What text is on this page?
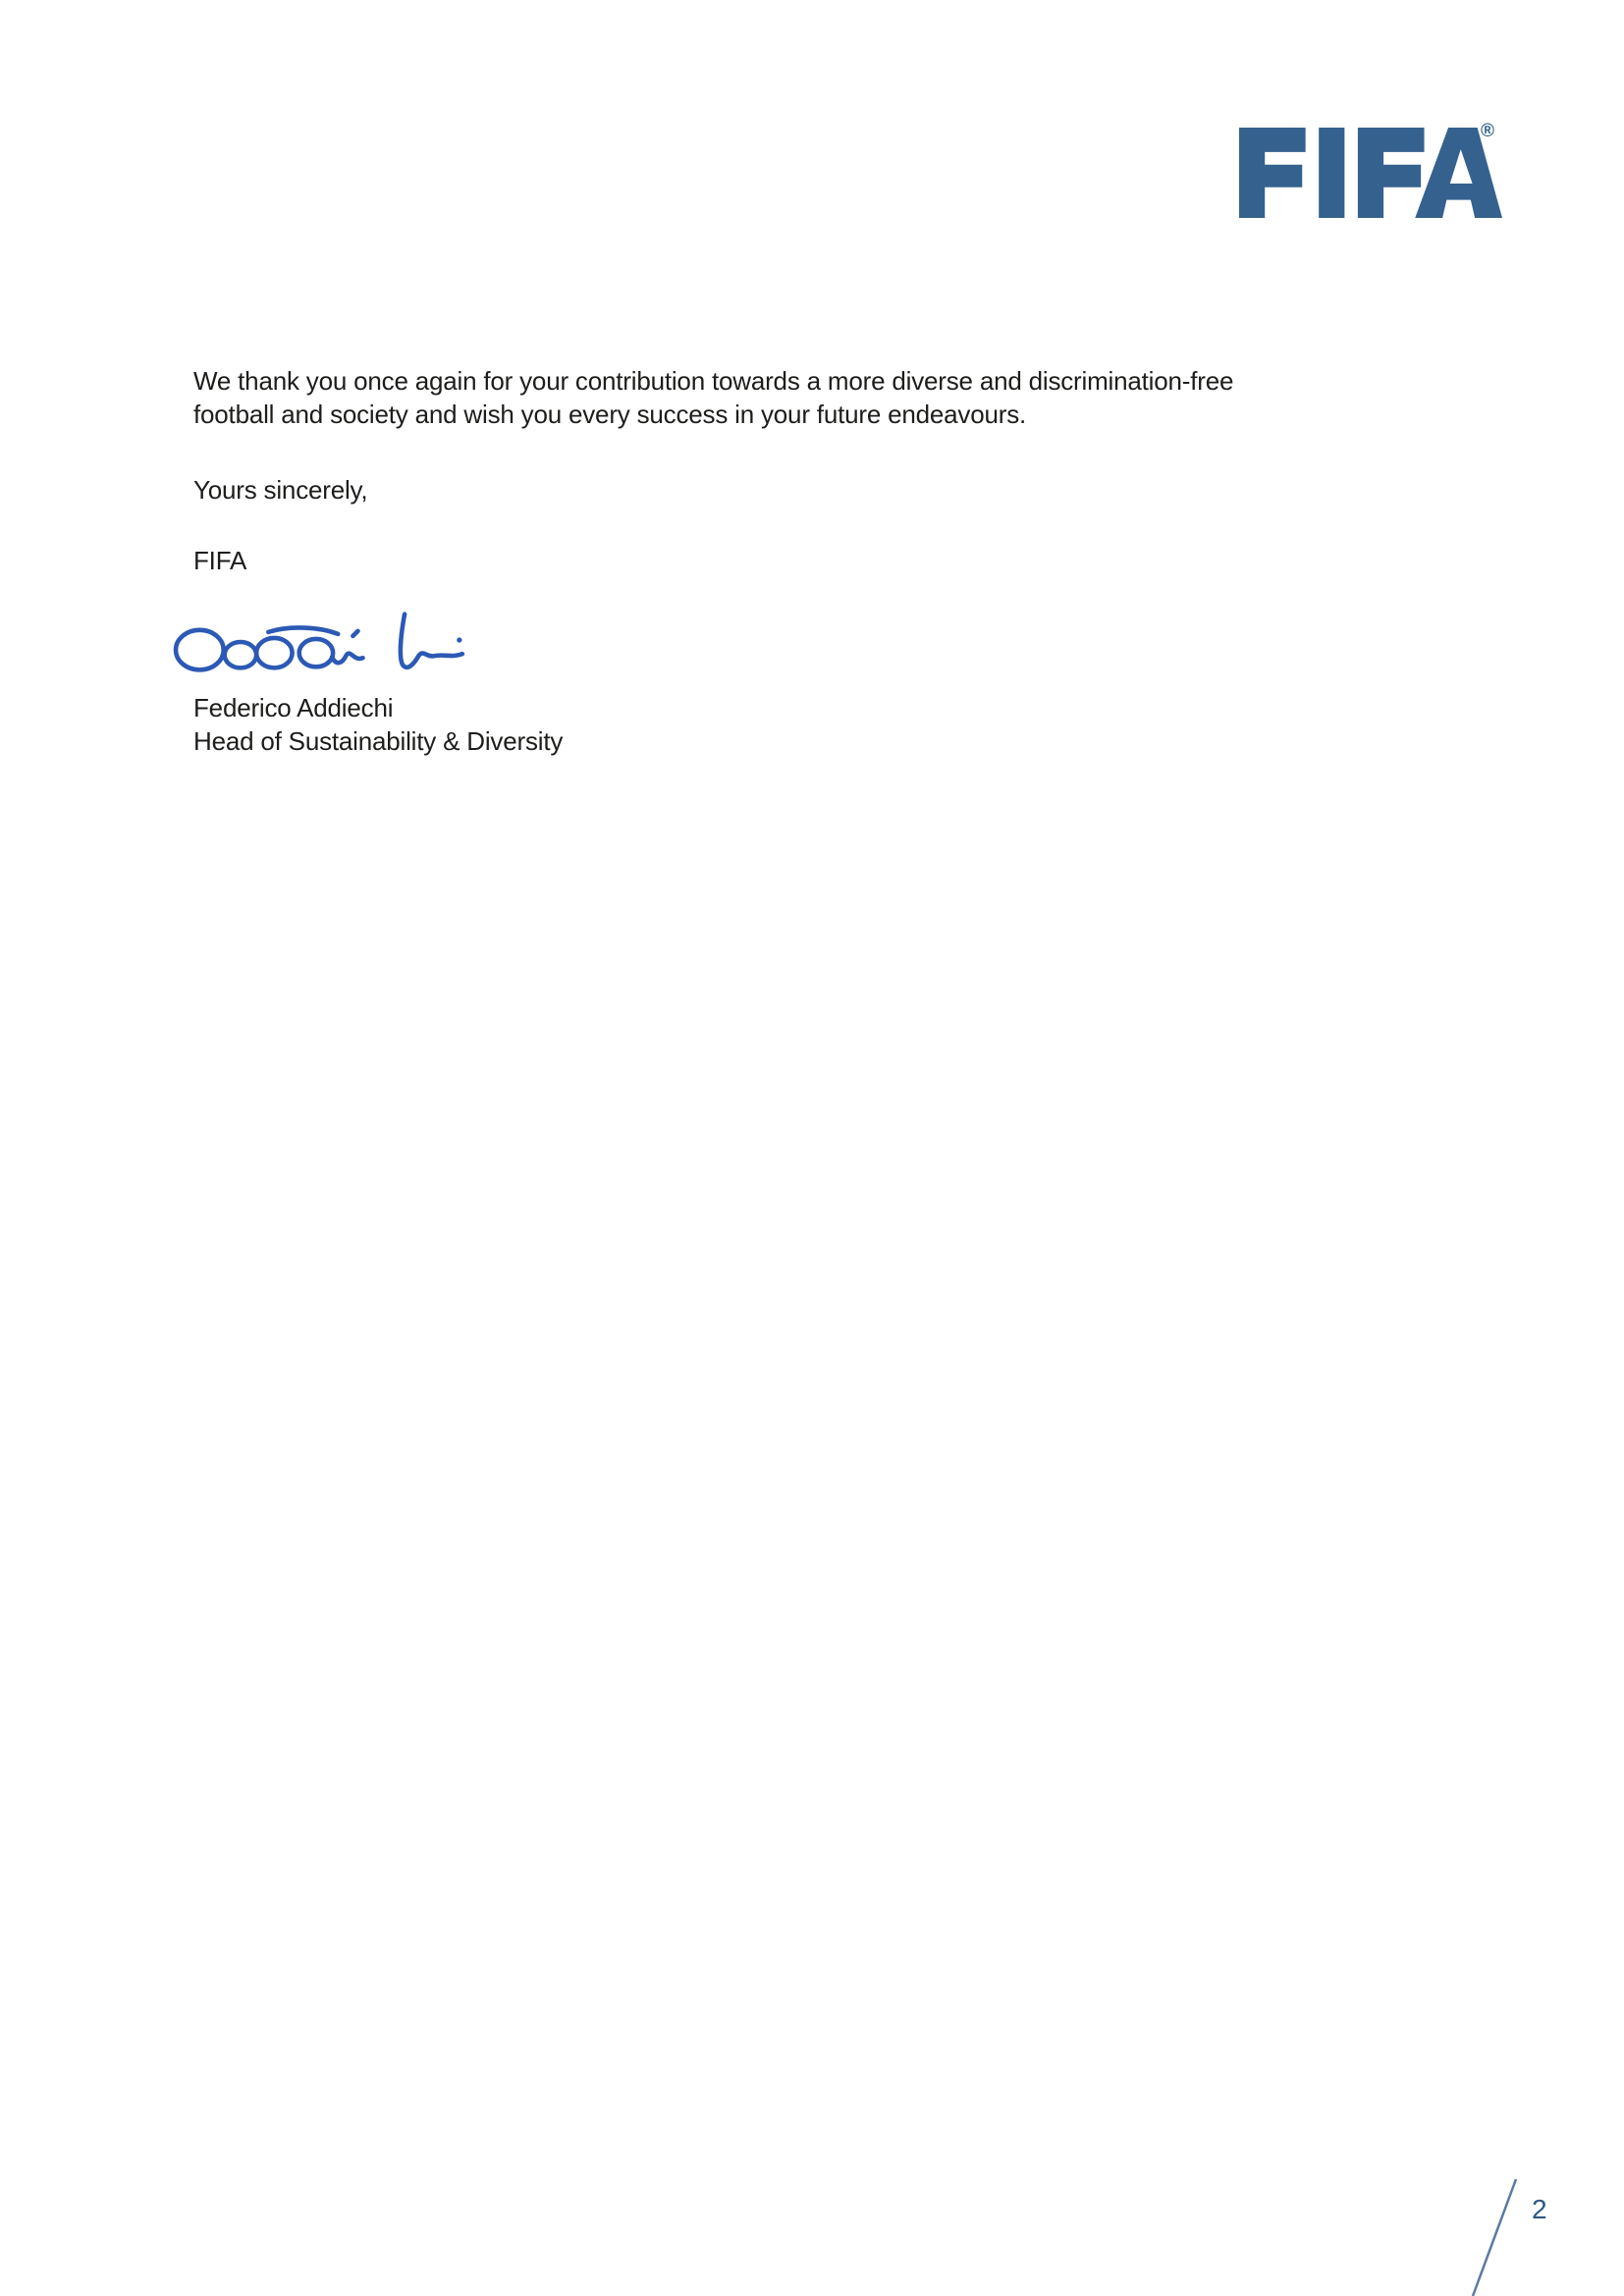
®
We thank you once again for your contribution towards a more diverse and discrimination-free
football and society and wish you every success in your future endeavours.
Yours sincerely,
FIFA
Federico Addiechi
Head of Sustainability & Diversity
2
